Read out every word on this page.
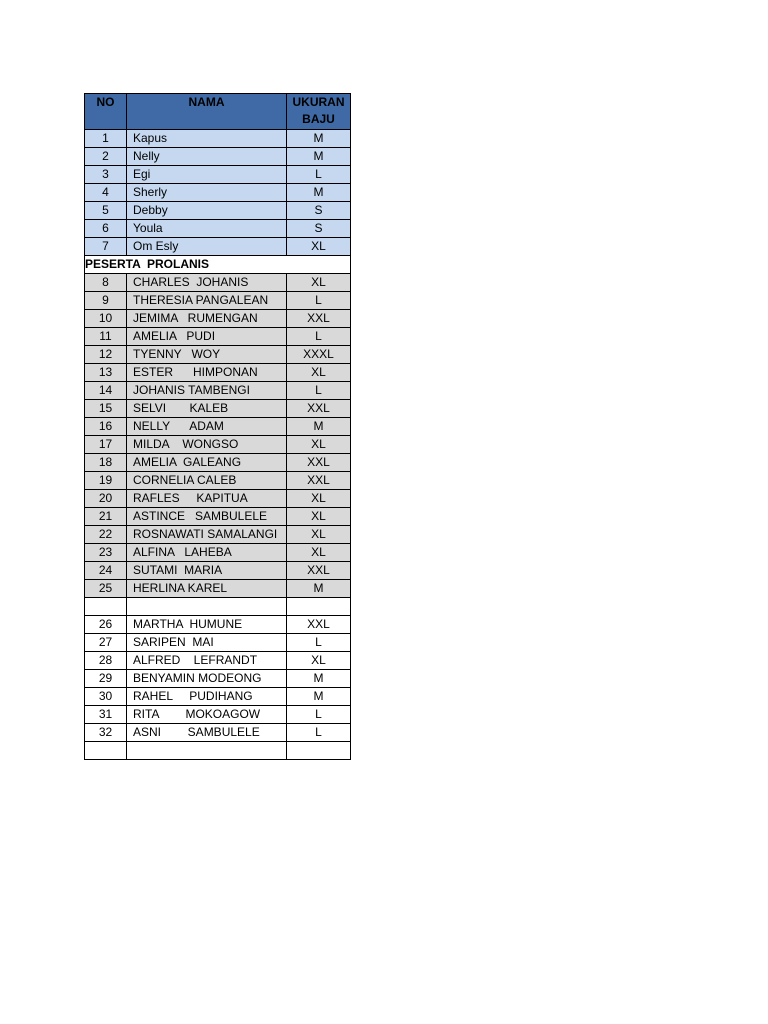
NO	NAMA	UKURAN BAJU
1	Kapus	M
2	Nelly	M
3	Egi	L
4	Sherly	M
5	Debby	S
6	Youla	S
7	Om Esly	XL
PESERTA  PROLANIS		
8	CHARLES  JOHANIS	XL
9	THERESIA PANGALEAN	L
10	JEMIMA   RUMENGAN	XXL
11	AMELIA   PUDI	L
12	TYENNY   WOY	XXXL
13	ESTER      HIMPONAN	XL
14	JOHANIS TAMBENGI	L
15	SELVI       KALEB	XXL
16	NELLY      ADAM	M
17	MILDA    WONGSO	XL
18	AMELIA  GALEANG	XXL
19	CORNELIA CALEB	XXL
20	RAFLES     KAPITUA	XL
21	ASTINCE   SAMBULELE	XL
22	ROSNAWATI SAMALANGI	XL
23	ALFINA   LAHEBA	XL
24	SUTAMI  MARIA	XXL
25	HERLINA KAREL	M

26	MARTHA  HUMUNE	XXL
27	SARIPEN  MAI	L
28	ALFRED    LEFRANDT	XL
29	BENYAMIN MODEONG	M
30	RAHEL     PUDIHANG	M
31	RITA        MOKOAGOW	L
32	ASNI        SAMBULELE	L
